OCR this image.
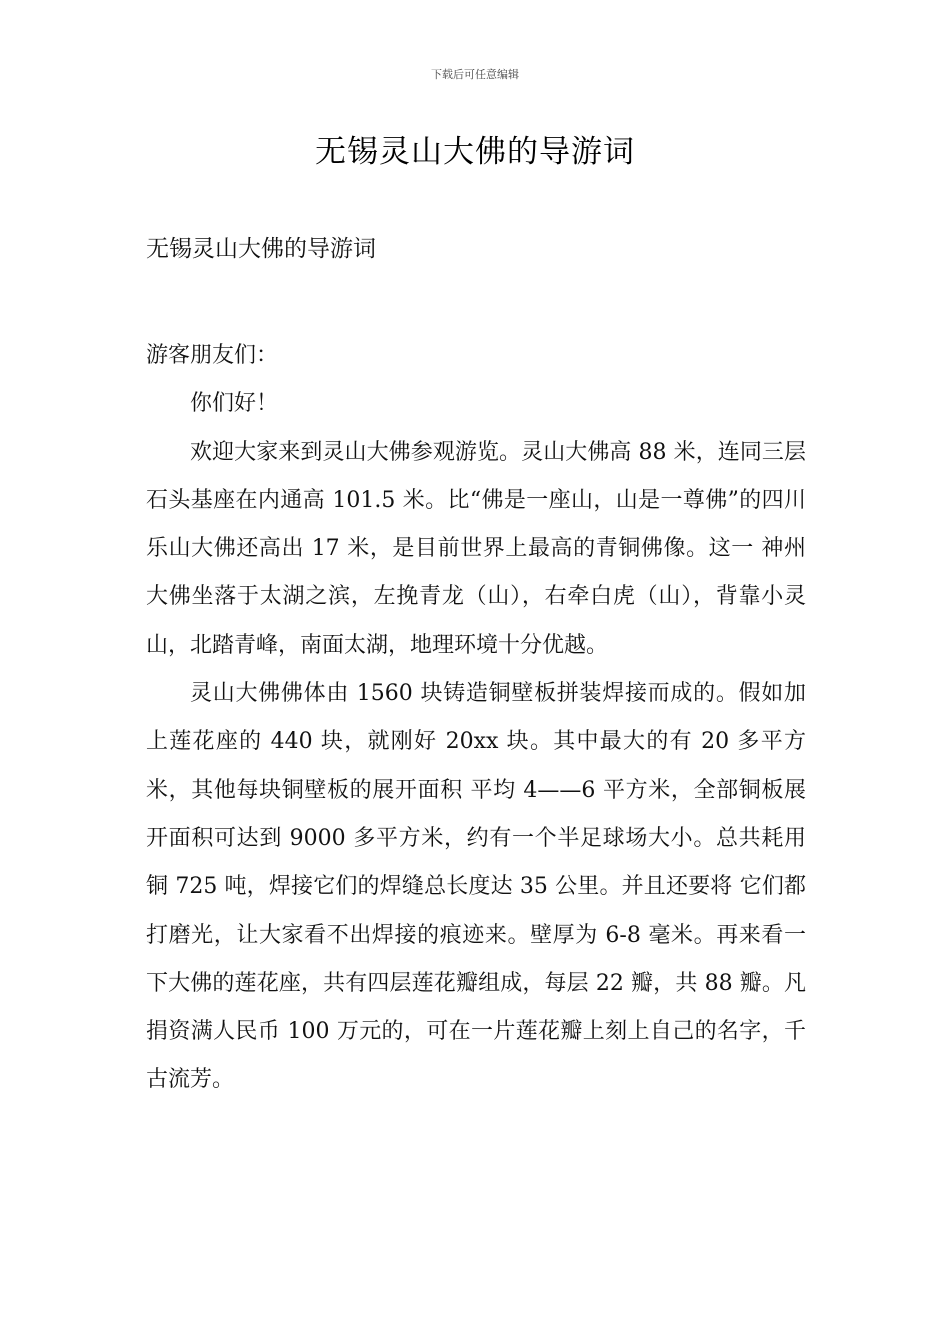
下载后可任意编辑
无锡灵山大佛的导游词
无锡灵山大佛的导游词

游客朋友们：

你们好！

欢迎大家来到灵山大佛参观游览。灵山大佛高 88 米，连同三层石头基座在内通高 101.5 米。比“佛是一座山，山是一尊佛”的四川乐山大佛还高出 17 米，是目前世界上最高的青铜佛像。这一 神州大佛坐落于太湖之滨，左挽青龙（山），右牵白虎（山），背靠小灵山，北踏青峰，南面太湖，地理环境十分优越。

灵山大佛佛体由 1560 块铸造铜壁板拼装焊接而成的。假如加上莲花座的 440 块，就刚好 20xx 块。其中最大的有 20 多平方米，其他每块铜壁板的展开面积 平均 4——6 平方米，全部铜板展开面积可达到 9000 多平方米，约有一个半足球场大小。总共耗用铜 725 吨，焊接它们的焊缝总长度达 35 公里。并且还要将 它们都打磨光，让大家看不出焊接的痕迹来。壁厚为 6-8 毫米。再来看一下大佛的莲花座，共有四层莲花瓣组成，每层 22 瓣，共 88 瓣。凡捐资满人民币 100 万元的，可在一片莲花瓣上刻上自己的名字，千古流芳。
